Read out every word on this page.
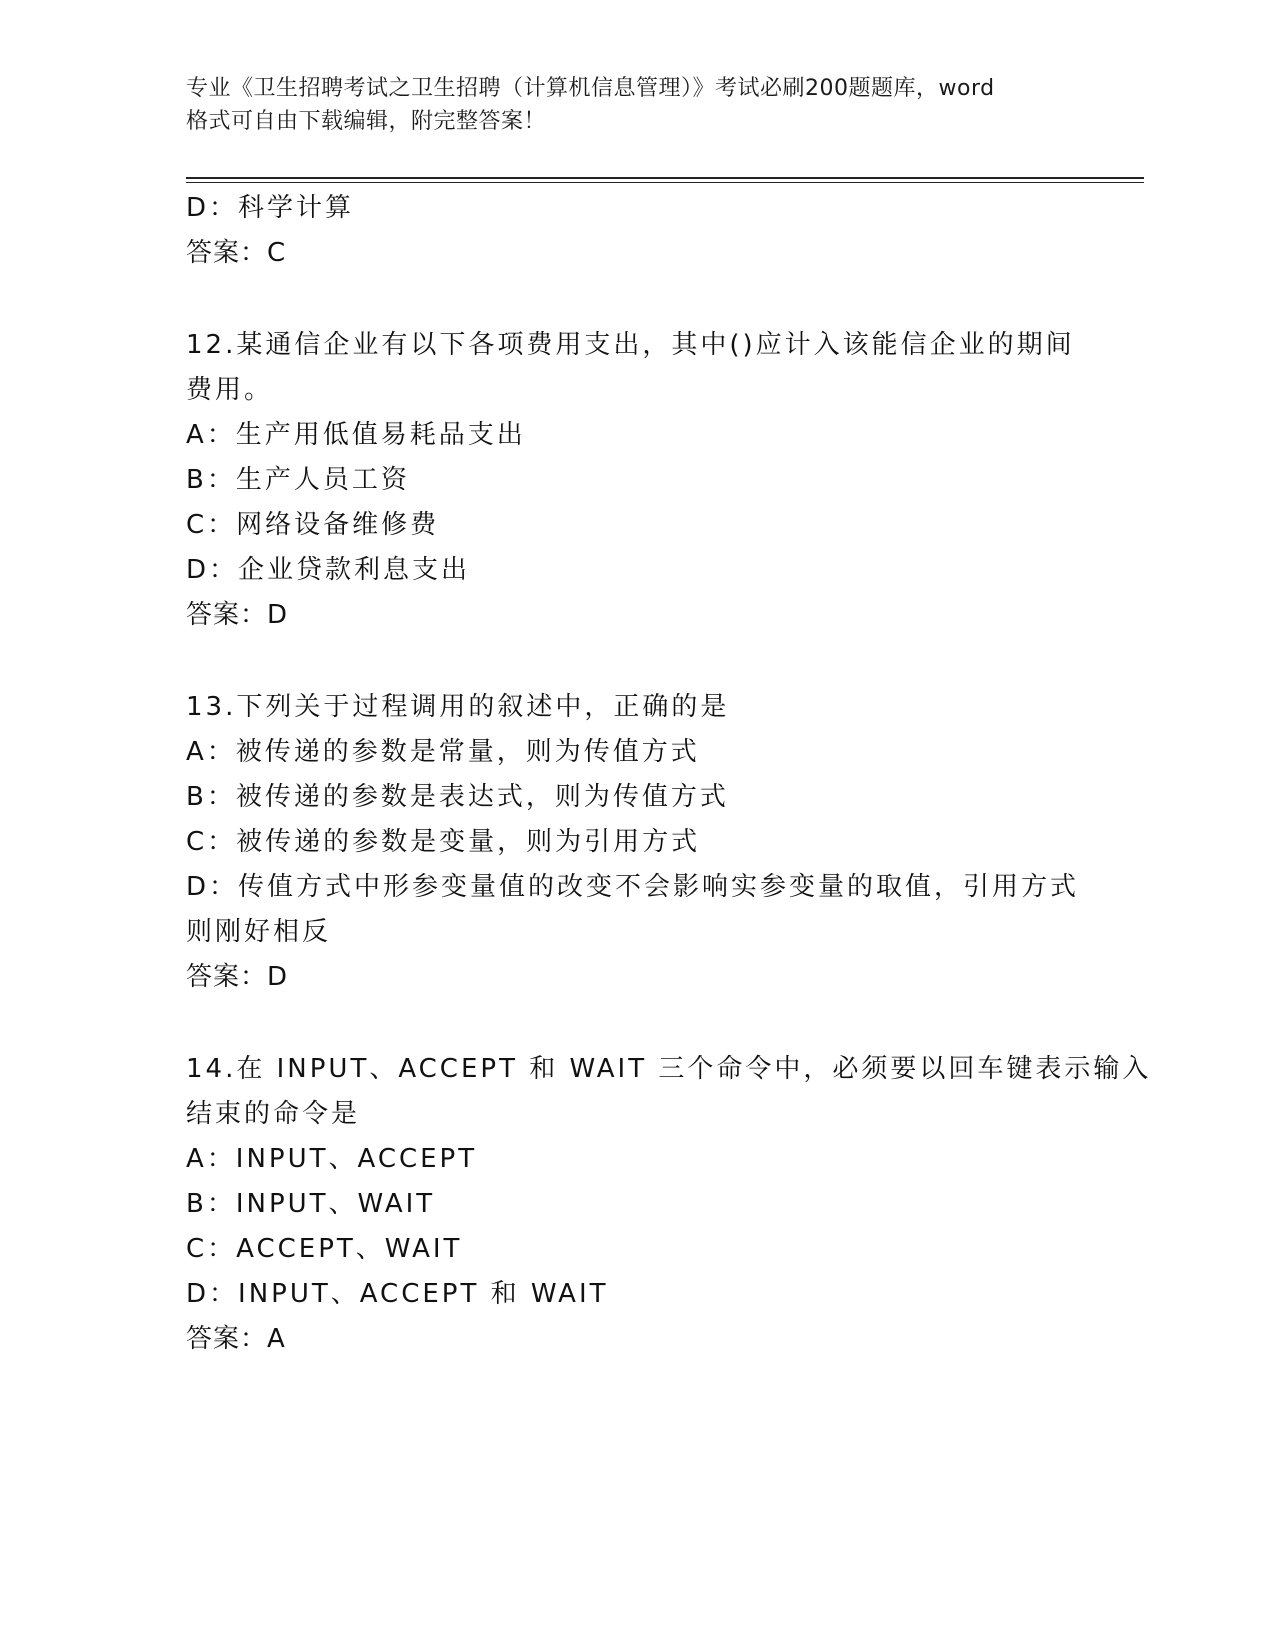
专业《卫生招聘考试之卫生招聘（计算机信息管理）》考试必刷200题题库，word
格式可自由下载编辑，附完整答案！
D：科学计算
答案：C
12.某通信企业有以下各项费用支出，其中()应计入该能信企业的期间
费用。
A：生产用低值易耗品支出
B：生产人员工资
C：网络设备维修费
D：企业贷款利息支出
答案：D
13.下列关于过程调用的叙述中，正确的是
A：被传递的参数是常量，则为传值方式
B：被传递的参数是表达式，则为传值方式
C：被传递的参数是变量，则为引用方式
D：传值方式中形参变量值的改变不会影响实参变量的取值，引用方式
则刚好相反
答案：D
14.在 INPUT、ACCEPT 和 WAIT 三个命令中，必须要以回车键表示输入
结束的命令是
A：INPUT、ACCEPT
B：INPUT、WAIT
C：ACCEPT、WAIT
D：INPUT、ACCEPT 和 WAIT
答案：A
